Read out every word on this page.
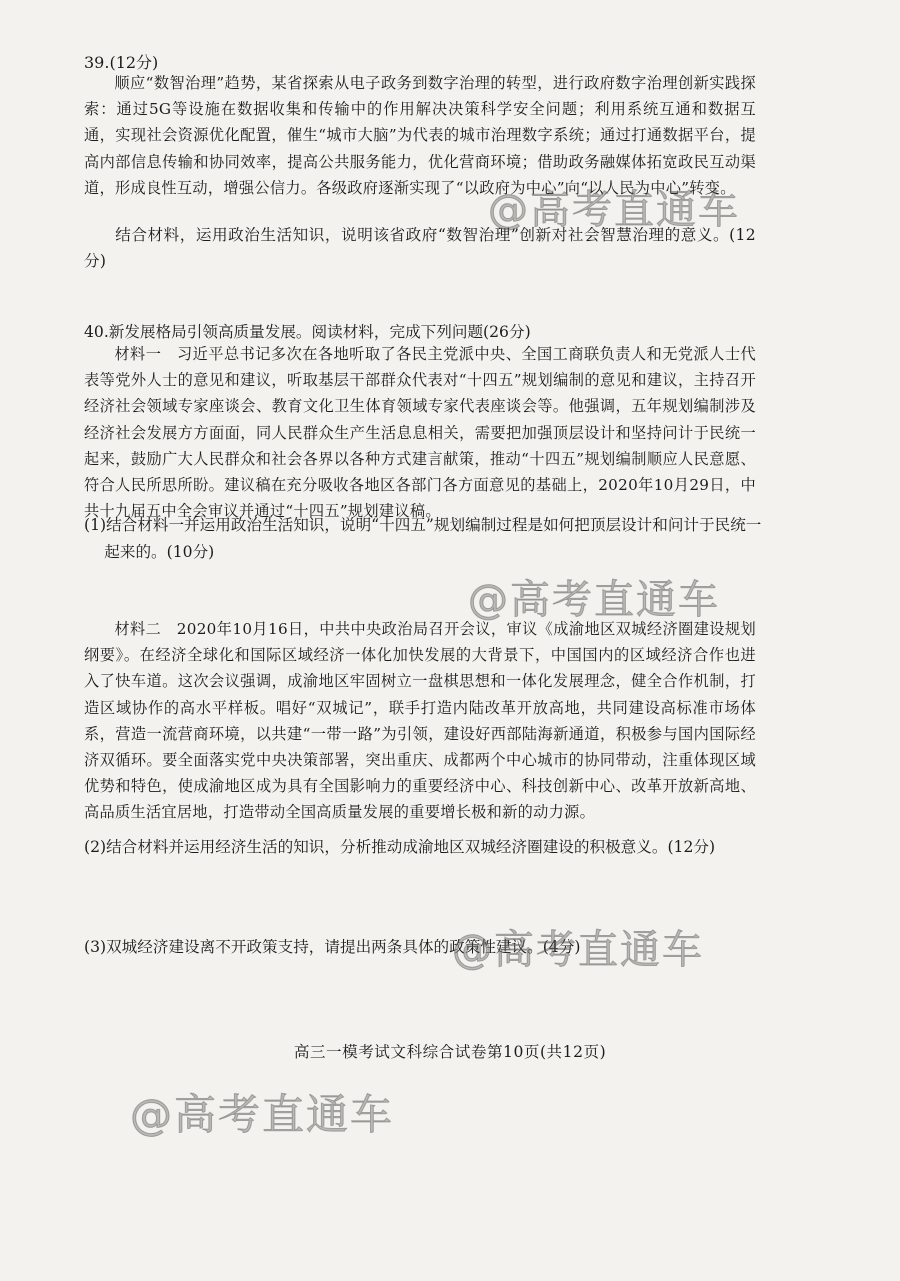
39.(12分)
顺应“数智治理”趋势，某省探索从电子政务到数字治理的转型，进行政府数字治理创新实践探索：通过5G等设施在数据收集和传输中的作用解决决策科学安全问题；利用系统互通和数据互通，实现社会资源优化配置，催生“城市大脑”为代表的城市治理数字系统；通过打通数据平台，提高内部信息传输和协同效率，提高公共服务能力，优化营商环境；借助政务融媒体拓宽政民互动渠道，形成良性互动，增强公信力。各级政府逐渐实现了“以政府为中心”向“以人民为中心”转变。
结合材料，运用政治生活知识，说明该省政府“数智治理”创新对社会智慧治理的意义。(12分)
40.新发展格局引领高质量发展。阅读材料，完成下列问题(26分)
材料一　习近平总书记多次在各地听取了各民主党派中央、全国工商联负责人和无党派人士代表等党外人士的意见和建议，听取基层干部群众代表对“十四五”规划编制的意见和建议，主持召开经济社会领域专家座谈会、教育文化卫生体育领域专家代表座谈会等。他强调，五年规划编制涉及经济社会发展方方面面，同人民群众生产生活息息相关，需要把加强顶层设计和坚持问计于民统一起来，鼓励广大人民群众和社会各界以各种方式建言献策，推动“十四五”规划编制顺应人民意愿、符合人民所思所盼。建议稿在充分吸收各地区各部门各方面意见的基础上，2020年10月29日，中共十九届五中全会审议并通过“十四五”规划建议稿。
(1)结合材料一并运用政治生活知识，说明“十四五”规划编制过程是如何把顶层设计和问计于民统一起来的。(10分)
材料二　2020年10月16日，中共中央政治局召开会议，审议《成渝地区双城经济圈建设规划纲要》。在经济全球化和国际区域经济一体化加快发展的大背景下，中国国内的区域经济合作也进入了快车道。这次会议强调，成渝地区牢固树立一盘棋思想和一体化发展理念，健全合作机制，打造区域协作的高水平样板。唱好“双城记”，联手打造内陆改革开放高地，共同建设高标准市场体系，营造一流营商环境，以共建“一带一路”为引领，建设好西部陆海新通道，积极参与国内国际经济双循环。要全面落实党中央决策部署，突出重庆、成都两个中心城市的协同带动，注重体现区域优势和特色，使成渝地区成为具有全国影响力的重要经济中心、科技创新中心、改革开放新高地、高品质生活宜居地，打造带动全国高质量发展的重要增长极和新的动力源。
(2)结合材料并运用经济生活的知识，分析推动成渝地区双城经济圈建设的积极意义。(12分)
(3)双城经济建设离不开政策支持，请提出两条具体的政策性建议。(4分)
高三一模考试文科综合试卷第10页(共12页)
@高考直通车
@高考直通车
@高考直通车
@高考直通车
